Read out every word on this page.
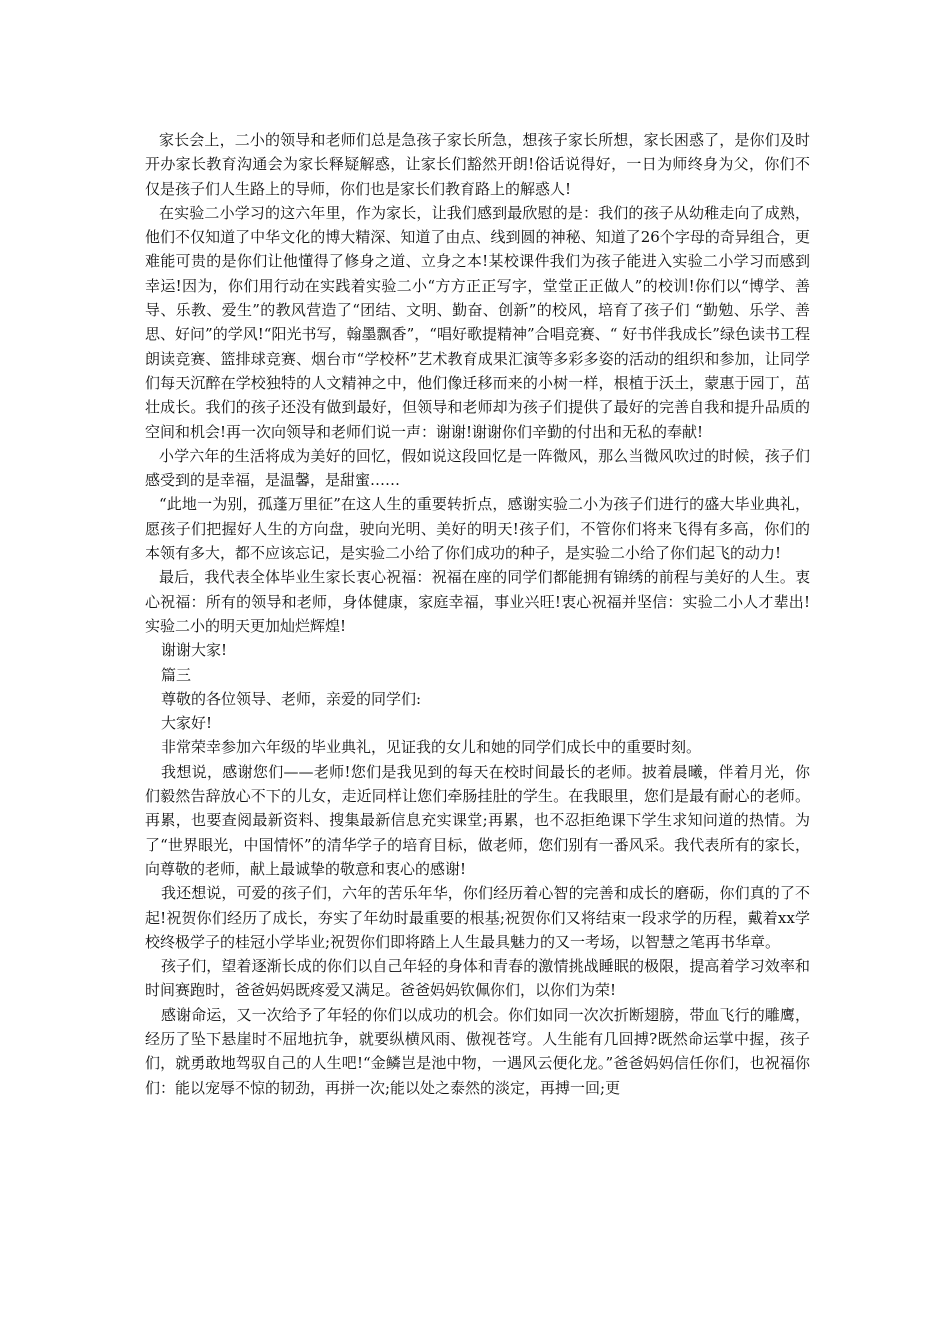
家长会上，二小的领导和老师们总是急孩子家长所急，想孩子家长所想，家长困惑了，是你们及时开办家长教育沟通会为家长释疑解惑，让家长们豁然开朗!俗话说得好，一日为师终身为父，你们不仅是孩子们人生路上的导师，你们也是家长们教育路上的解惑人!

在实验二小学习的这六年里，作为家长，让我们感到最欣慰的是：我们的孩子从幼稚走向了成熟，他们不仅知道了中华文化的博大精深、知道了由点、线到圆的神秘、知道了26个字母的奇异组合，更难能可贵的是你们让他懂得了修身之道、立身之本!某校课件我们为孩子能进入实验二小学习而感到幸运!因为，你们用行动在实践着实验二小“方方正正写字，堂堂正正做人”的校训!你们以“博学、善导、乐教、爱生”的教风营造了“团结、文明、勤奋、创新”的校风，培育了孩子们 “勤勉、乐学、善思、好问”的学风!“阳光书写，翰墨飘香”，“唱好歌提精神”合唱竞赛、“ 好书伴我成长”绿色读书工程朗读竞赛、篮排球竞赛、烟台市“学校杯”艺术教育成果汇演等多彩多姿的活动的组织和参加，让同学们每天沉醉在学校独特的人文精神之中，他们像迁移而来的小树一样，根植于沃土，蒙惠于园丁，茁壮成长。我们的孩子还没有做到最好，但领导和老师却为孩子们提供了最好的完善自我和提升品质的空间和机会!再一次向领导和老师们说一声：谢谢!谢谢你们辛勤的付出和无私的奉献!

小学六年的生活将成为美好的回忆，假如说这段回忆是一阵微风，那么当微风吹过的时候，孩子们感受到的是幸福，是温馨，是甜蜜……

“此地一为别，孤蓬万里征”在这人生的重要转折点，感谢实验二小为孩子们进行的盛大毕业典礼，愿孩子们把握好人生的方向盘，驶向光明、美好的明天!孩子们，不管你们将来飞得有多高，你们的本领有多大，都不应该忘记，是实验二小给了你们成功的种子，是实验二小给了你们起飞的动力!

最后，我代表全体毕业生家长衷心祝福：祝福在座的同学们都能拥有锦绣的前程与美好的人生。衷心祝福：所有的领导和老师，身体健康，家庭幸福，事业兴旺!衷心祝福并坚信：实验二小人才辈出!实验二小的明天更加灿烂辉煌!

谢谢大家!

篇三

尊敬的各位领导、老师，亲爱的同学们:

大家好!

非常荣幸参加六年级的毕业典礼，见证我的女儿和她的同学们成长中的重要时刻。

我想说，感谢您们——老师!您们是我见到的每天在校时间最长的老师。披着晨曦，伴着月光，你们毅然告辞放心不下的儿女，走近同样让您们牵肠挂肚的学生。在我眼里，您们是最有耐心的老师。再累，也要查阅最新资料、搜集最新信息充实课堂;再累，也不忍拒绝课下学生求知问道的热情。为了“世界眼光，中国情怀”的清华学子的培育目标，做老师，您们别有一番风采。我代表所有的家长，向尊敬的老师，献上最诚挚的敬意和衷心的感谢!

我还想说，可爱的孩子们，六年的苦乐年华，你们经历着心智的完善和成长的磨砺，你们真的了不起!祝贺你们经历了成长，夯实了年幼时最重要的根基;祝贺你们又将结束一段求学的历程，戴着xx学校终极学子的桂冠小学毕业;祝贺你们即将踏上人生最具魅力的又一考场，以智慧之笔再书华章。

孩子们，望着逐渐长成的你们以自己年轻的身体和青春的激情挑战睡眠的极限，提高着学习效率和时间赛跑时，爸爸妈妈既疼爱又满足。爸爸妈妈钦佩你们，以你们为荣!

感谢命运，又一次给予了年轻的你们以成功的机会。你们如同一次次折断翅膀，带血飞行的雕鹰，经历了坠下悬崖时不屈地抗争，就要纵横风雨、傲视苍穹。人生能有几回搏?既然命运掌中握，孩子们，就勇敢地驾驭自己的人生吧!“金鳞岂是池中物，一遇风云便化龙。”爸爸妈妈信任你们，也祝福你们：能以宠辱不惊的韧劲，再拼一次;能以处之泰然的淡定，再搏一回;更
